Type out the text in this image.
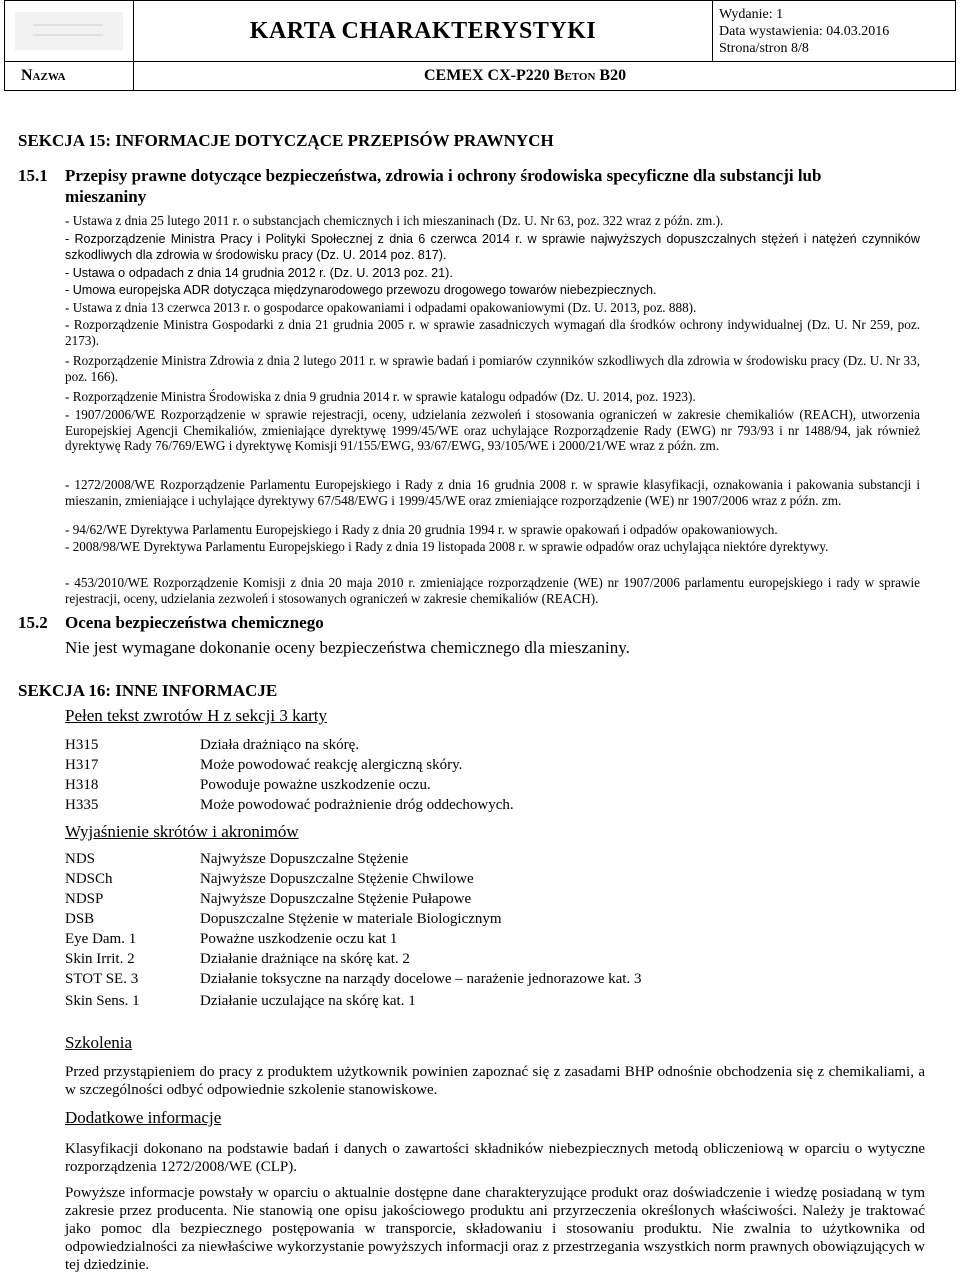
	KARTA CHARAKTERYSTYKI	Wydanie: 1
Data wystawienia: 04.03.2016
Strona/stron 8/8

Nazwa	CEMEX CX-P220 Beton B20	
SEKCJA 15: INFORMACJE DOTYCZĄCE PRZEPISÓW PRAWNYCH
15.1 Przepisy prawne dotyczące bezpieczeństwa, zdrowia i ochrony środowiska specyficzne dla substancji lub
mieszaniny
- Ustawa z dnia 25 lutego 2011 r. o substancjach chemicznych i ich mieszaninach (Dz. U. Nr 63, poz. 322 wraz z późn. zm.).
- Rozporządzenie Ministra Pracy i Polityki Społecznej z dnia 6 czerwca 2014 r. w sprawie najwyższych dopuszczalnych stężeń i natężeń czynników szkodliwych dla zdrowia w środowisku pracy (Dz. U. 2014 poz. 817).
- Ustawa o odpadach z dnia 14 grudnia 2012 r. (Dz. U. 2013 poz. 21).
- Umowa europejska ADR dotycząca międzynarodowego przewozu drogowego towarów niebezpiecznych.
- Ustawa z dnia 13 czerwca 2013 r. o gospodarce opakowaniami i odpadami opakowaniowymi (Dz. U. 2013, poz. 888).
- Rozporządzenie Ministra Gospodarki z dnia 21 grudnia 2005 r. w sprawie zasadniczych wymagań dla środków ochrony indywidualnej (Dz. U. Nr 259, poz. 2173).
- Rozporządzenie Ministra Zdrowia z dnia 2 lutego 2011 r. w sprawie badań i pomiarów czynników szkodliwych dla zdrowia w środowisku pracy (Dz. U. Nr 33, poz. 166).
- Rozporządzenie Ministra Środowiska z dnia 9 grudnia 2014 r. w sprawie katalogu odpadów (Dz. U. 2014, poz. 1923).
- 1907/2006/WE Rozporządzenie w sprawie rejestracji, oceny, udzielania zezwoleń i stosowania ograniczeń w zakresie chemikaliów (REACH), utworzenia Europejskiej Agencji Chemikaliów, zmieniające dyrektywę 1999/45/WE oraz uchylające Rozporządzenie Rady (EWG) nr 793/93 i nr 1488/94, jak również dyrektywę Rady 76/769/EWG i dyrektywę Komisji 91/155/EWG, 93/67/EWG, 93/105/WE i 2000/21/WE wraz z późn. zm.
- 1272/2008/WE Rozporządzenie Parlamentu Europejskiego i Rady z dnia 16 grudnia 2008 r. w sprawie klasyfikacji, oznakowania i pakowania substancji i mieszanin, zmieniające i uchylające dyrektywy 67/548/EWG i 1999/45/WE oraz zmieniające rozporządzenie (WE) nr 1907/2006 wraz z późn. zm.
- 94/62/WE Dyrektywa Parlamentu Europejskiego i Rady z dnia 20 grudnia 1994 r. w sprawie opakowań i odpadów opakowaniowych.
- 2008/98/WE Dyrektywa Parlamentu Europejskiego i Rady z dnia 19 listopada 2008 r. w sprawie odpadów oraz uchylająca niektóre dyrektywy.
- 453/2010/WE Rozporządzenie Komisji z dnia 20 maja 2010 r. zmieniające rozporządzenie (WE) nr 1907/2006 parlamentu europejskiego i rady w sprawie rejestracji, oceny, udzielania zezwoleń i stosowanych ograniczeń w zakresie chemikaliów (REACH).
15.2 Ocena bezpieczeństwa chemicznego
Nie jest wymagane dokonanie oceny bezpieczeństwa chemicznego dla mieszaniny.
SEKCJA 16: INNE INFORMACJE
Pełen tekst zwrotów H z sekcji 3 karty
H315	Działa drażniąco na skórę.
H317	Może powodować reakcję alergiczną skóry.
H318	Powoduje poważne uszkodzenie oczu.
H335	Może powodować podrażnienie dróg oddechowych.
Wyjaśnienie skrótów i akronimów
NDS	Najwyższe Dopuszczalne Stężenie
NDSCh	Najwyższe Dopuszczalne Stężenie Chwilowe
NDSP	Najwyższe Dopuszczalne Stężenie Pułapowe
DSB	Dopuszczalne Stężenie w materiale Biologicznym
Eye Dam. 1	Poważne uszkodzenie oczu kat 1
Skin Irrit. 2	Działanie drażniące na skórę kat. 2
STOT SE. 3	Działanie toksyczne na narządy docelowe – narażenie jednorazowe kat. 3
Skin Sens. 1	Działanie uczulające na skórę kat. 1
Szkolenia
Przed przystąpieniem do pracy z produktem użytkownik powinien zapoznać się z zasadami BHP odnośnie obchodzenia się z chemikaliami, a w szczególności odbyć odpowiednie szkolenie stanowiskowe.
Dodatkowe informacje
Klasyfikacji dokonano na podstawie badań i danych o zawartości składników niebezpiecznych metodą obliczeniową w oparciu o wytyczne rozporządzenia 1272/2008/WE (CLP).
Powyższe informacje powstały w oparciu o aktualnie dostępne dane charakteryzujące produkt oraz doświadczenie i wiedzę posiadaną w tym zakresie przez producenta. Nie stanowią one opisu jakościowego produktu ani przyrzeczenia określonych właściwości. Należy je traktować jako pomoc dla bezpiecznego postępowania w transporcie, składowaniu i stosowaniu produktu. Nie zwalnia to użytkownika od odpowiedzialności za niewłaściwe wykorzystanie powyższych informacji oraz z przestrzegania wszystkich norm prawnych obowiązujących w tej dziedzinie.
